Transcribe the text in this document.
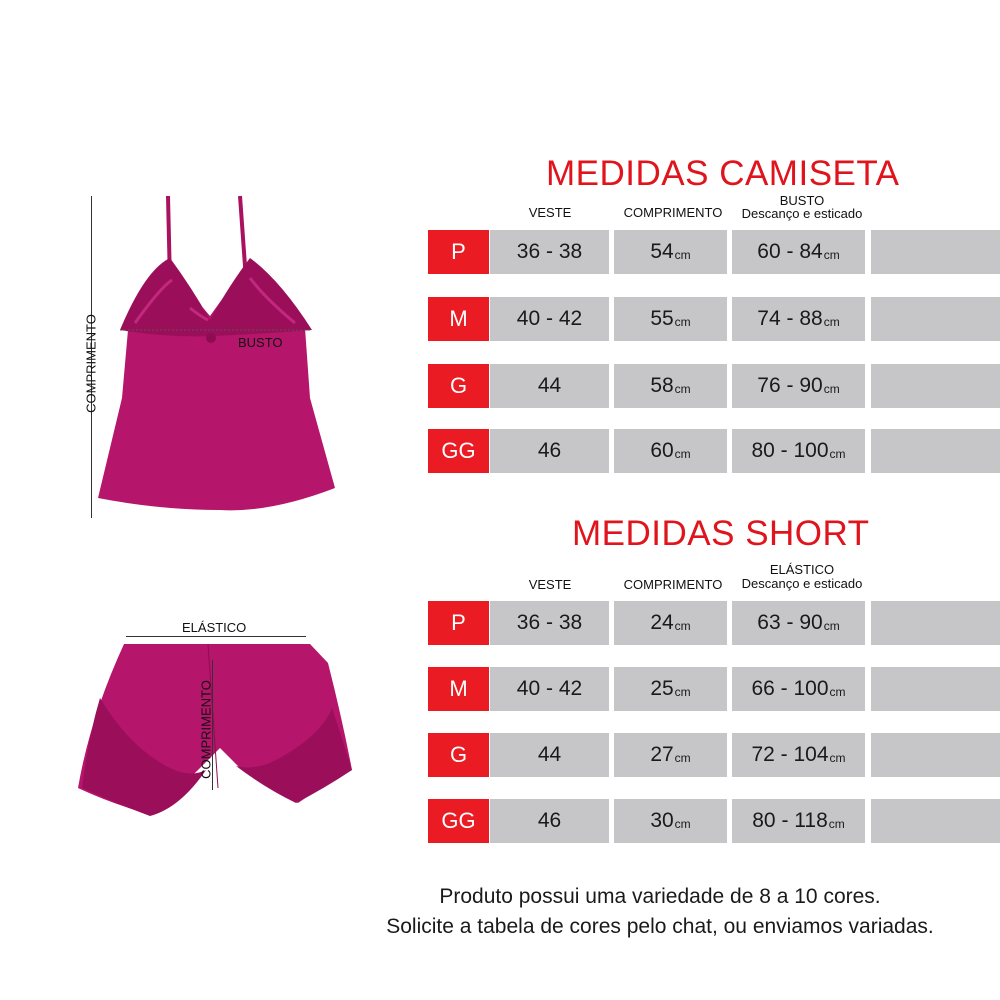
COMPRIMENTO	BUSTO
ELÁSTICO
COMPRIMENTO
MEDIDAS CAMISETA
VESTE	COMPRIMENTO
BUSTO
Descanço e esticado
P	36 - 38	54 cm	60 - 84 cm
M	40 - 42	55 cm	74 - 88 cm
G	44	58 cm	76 - 90 cm
GG	46	60 cm	80 - 100 cm
MEDIDAS SHORT
VESTE	COMPRIMENTO
ELÁSTICO
Descanço e esticado
P	36 - 38	24 cm	63 - 90 cm
M	40 - 42	25 cm	66 - 100 cm
G	44	27 cm	72 - 104 cm
GG	46	30 cm	80 - 118 cm
Produto possui uma variedade de 8 a 10 cores.
Solicite a tabela de cores pelo chat, ou enviamos variadas.
